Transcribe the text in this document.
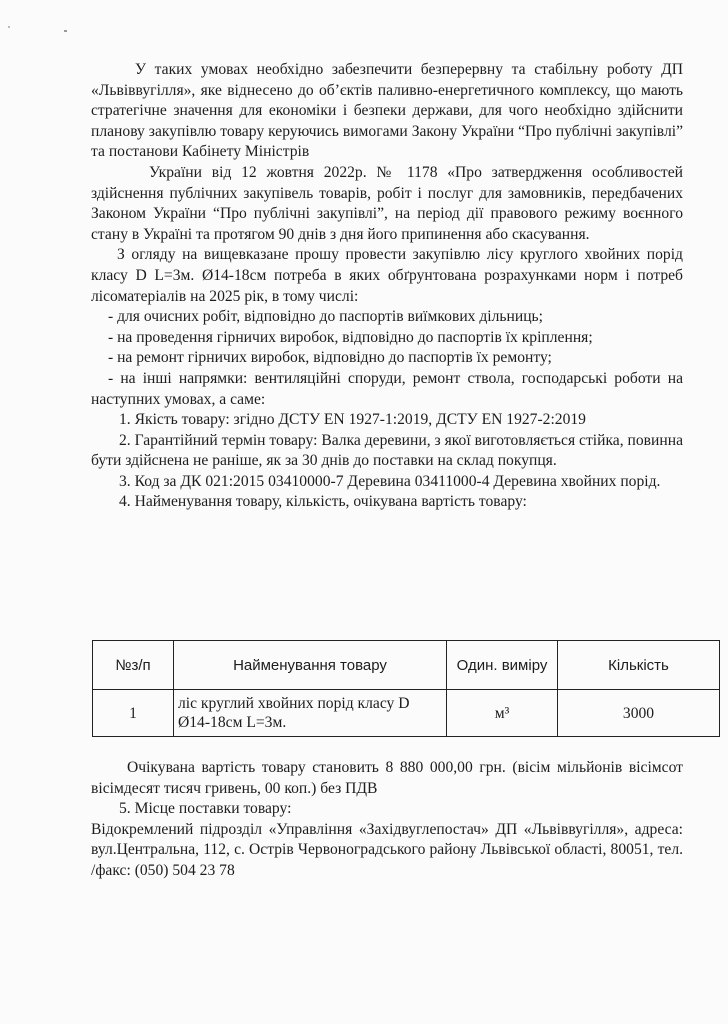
У таких умовах необхідно забезпечити безперервну та стабільну роботу ДП «Львіввугілля», яке віднесено до об’єктів паливно-енергетичного комплексу, що мають стратегічне значення для економіки і безпеки держави, для чого необхідно здійснити планову закупівлю товару керуючись вимогами Закону України “Про публічні закупівлі” та постанови Кабінету Міністрів

України від 12 жовтня 2022р. № 1178 «Про затвердження особливостей здійснення публічних закупівель товарів, робіт і послуг для замовників, передбачених Законом України “Про публічні закупівлі”, на період дії правового режиму воєнного стану в Україні та протягом 90 днів з дня його припинення або скасування.

З огляду на вищевказане прошу провести закупівлю лісу круглого хвойних порід класу D L=3м. Ø14-18см потреба в яких обґрунтована розрахунками норм і потреб лісоматеріалів на 2025 рік, в тому числі:

- для очисних робіт, відповідно до паспортів виїмкових дільниць;
- на проведення гірничих виробок, відповідно до паспортів їх кріплення;
- на ремонт гірничих виробок, відповідно до паспортів їх ремонту;
- на інші напрямки: вентиляційні споруди, ремонт ствола, господарські роботи на наступних умовах, а саме:

1. Якість товару: згідно ДСТУ EN 1927-1:2019, ДСТУ EN 1927-2:2019

2. Гарантійний термін товару: Валка деревини, з якої виготовляється стійка, повинна бути здійснена не раніше, як за 30 днів до поставки на склад покупця.

3. Код за ДК 021:2015 03410000-7 Деревина 03411000-4 Деревина хвойних порід.

4. Найменування товару, кількість, очікувана вартість товару:

№з/п	Найменування товару	Один. виміру	Кількість
1	ліс круглий хвойних порід класу D Ø14-18см L=3м.	м³	3000

Очікувана вартість товару становить 8 880 000,00 грн. (вісім мільйонів вісімсот вісімдесят тисяч гривень, 00 коп.) без ПДВ

5. Місце поставки товару:

Відокремлений підрозділ «Управління «Західвуглепостач» ДП «Львіввугілля», адреса: вул.Центральна, 112, с. Острів Червоноградського району Львівської області, 80051, тел. /факс: (050) 504 23 78
